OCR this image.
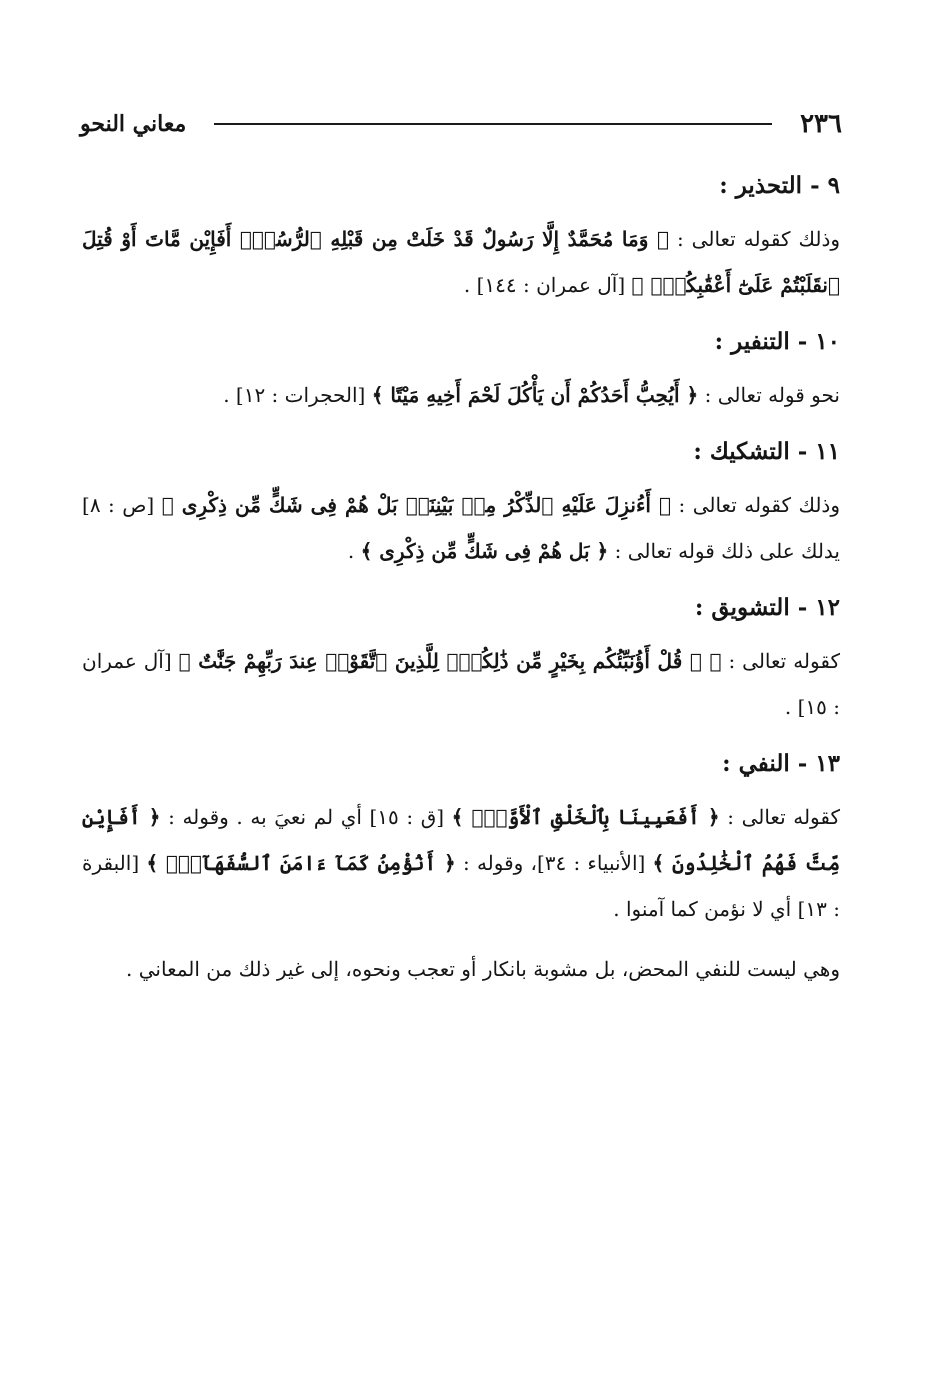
٢٣٦
معاني النحو
٩ - التحذير :

وذلك كقوله تعالى : ﴿ وَمَا مُحَمَّدٌ إِلَّا رَسُولٌ قَدْ خَلَتْ مِن قَبْلِهِ ٱلرُّسُلُۚ أَفَإِيْن مَّاتَ أَوْ قُتِلَ ٱنقَلَبْتُمْ عَلَىٰٓ أَعْقَٰبِكُمْۚ ﴾ [آل عمران : ١٤٤] .

١٠ - التنفير :

نحو قوله تعالى : ﴿ أَيُحِبُّ أَحَدُكُمْ أَن يَأْكُلَ لَحْمَ أَخِيهِ مَيْتًا ﴾ [الحجرات : ١٢] .

١١ - التشكيك :

وذلك كقوله تعالى : ﴿ أَءُنزِلَ عَلَيْهِ ٱلذِّكْرُ مِنۢ بَيْنِنَاۚ بَلْ هُمْ فِى شَكٍّ مِّن ذِكْرِى ﴾ [ص : ٨] يدلك على ذلك قوله تعالى : ﴿ بَل هُمْ فِى شَكٍّ مِّن ذِكْرِى ﴾ .

١٢ - التشويق :

كقوله تعالى : ﴿ ۞ قُلْ أَؤُنَبِّئُكُم بِخَيْرٍ مِّن ذَٰلِكُمْۚ لِلَّذِينَ ٱتَّقَوْا۟ عِندَ رَبِّهِمْ جَنَّٰتٌ ﴾ [آل عمران : ١٥] .

١٣ - النفي :

كقوله تعالى : ﴿ أَفَعَيِينَا بِٱلْخَلْقِ ٱلْأَوَّلِۚ ﴾ [ق : ١٥] أي لم نعيَ به . وقوله : ﴿ أَفَإِيْن مِّتَّ فَهُمُ ٱلْخَٰلِدُونَ ﴾ [الأنبياء : ٣٤]، وقوله : ﴿ أَنُؤْمِنُ كَمَآ ءَامَنَ ٱلسُّفَهَآءُۗ ﴾ [البقرة : ١٣] أي لا نؤمن كما آمنوا .

وهي ليست للنفي المحض، بل مشوبة بانكار أو تعجب ونحوه، إلى غير ذلك من المعاني .
